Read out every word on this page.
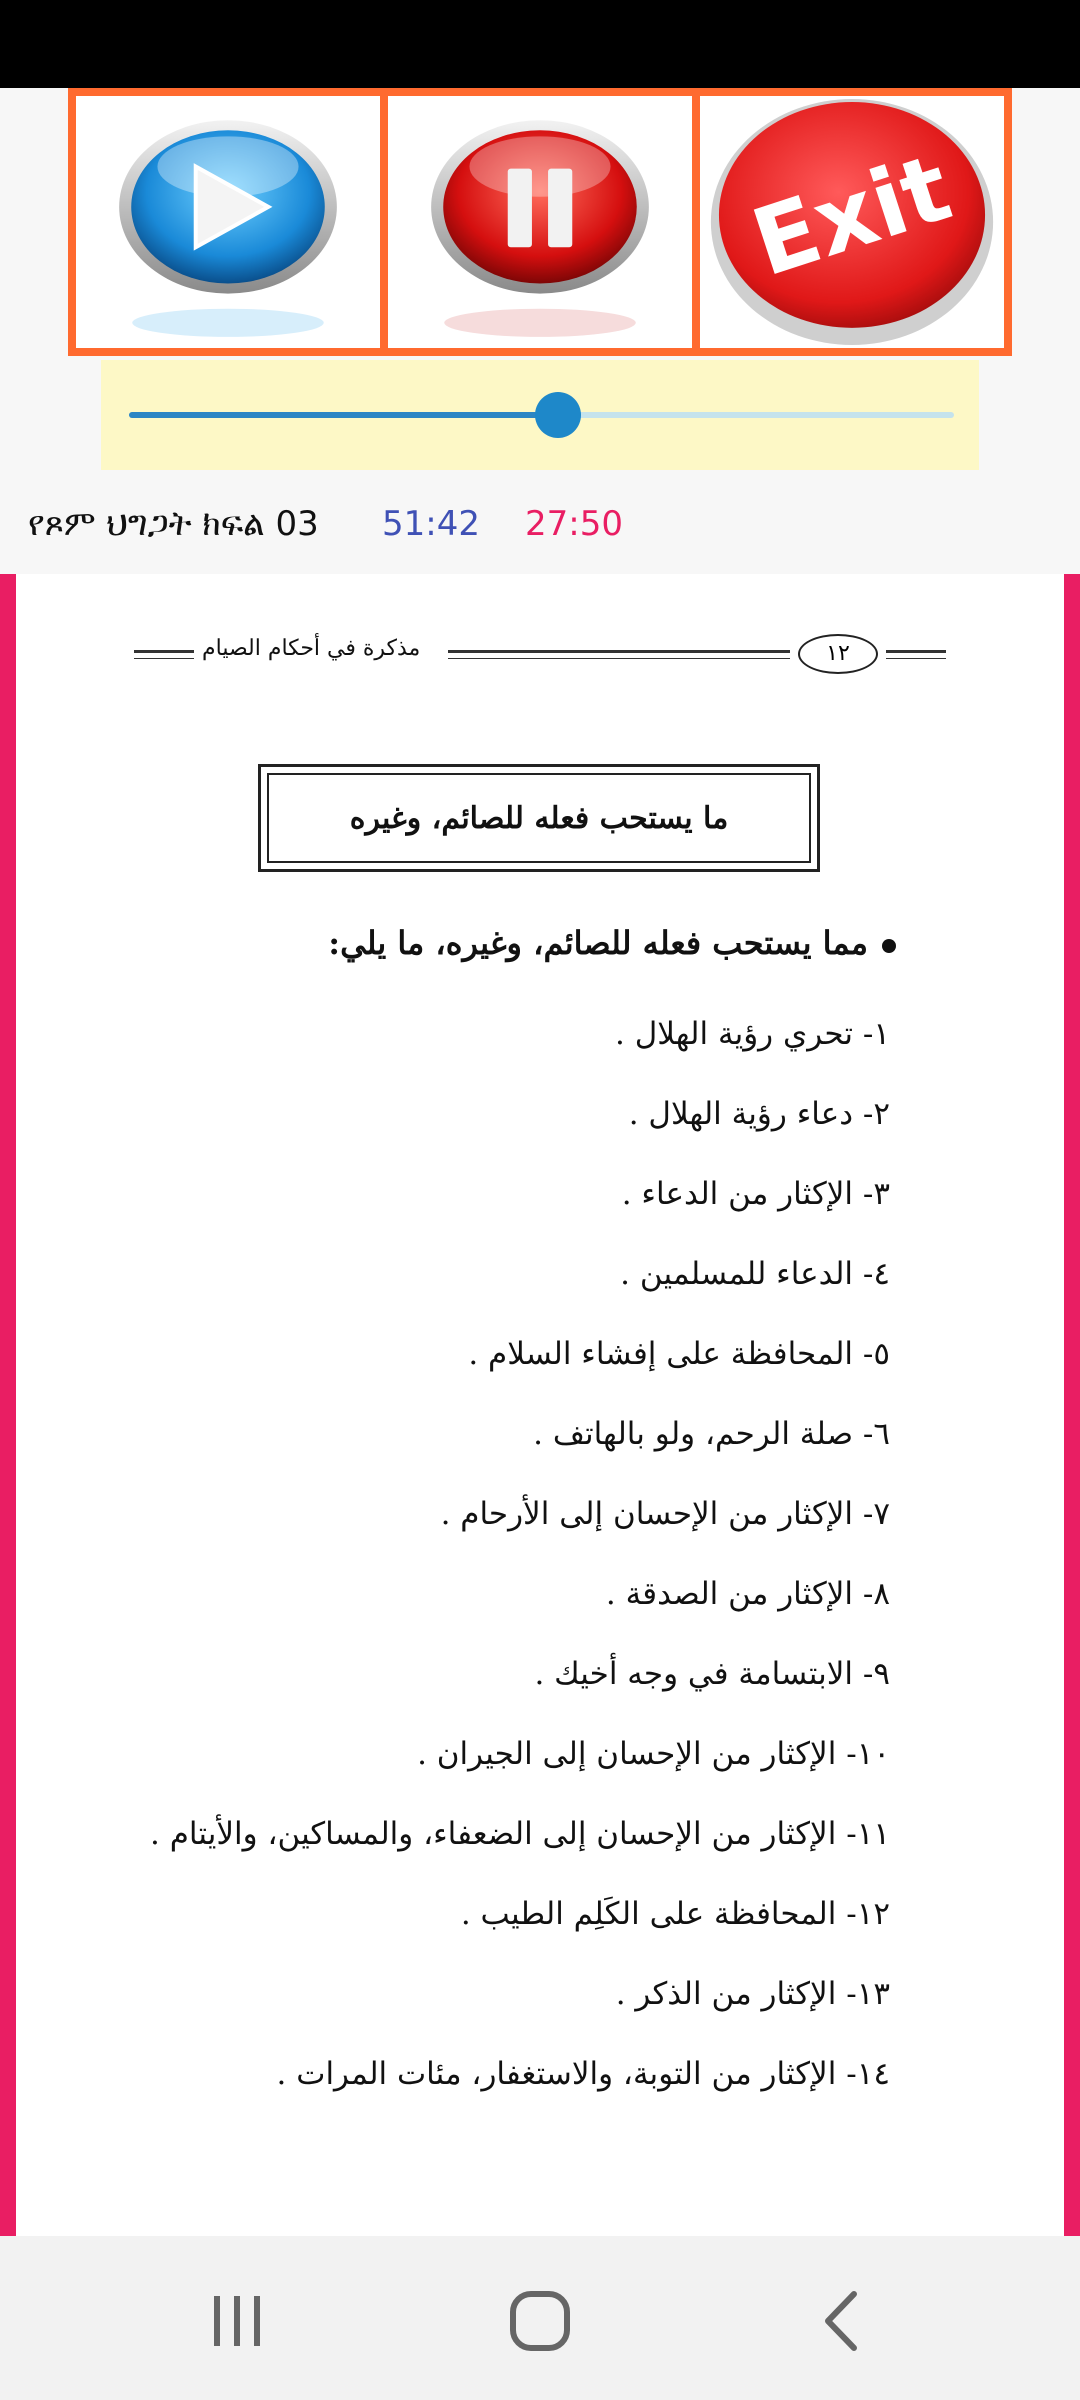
Exit
የጾም ህግጋት ክፍል 03 51:42 27:50
مذكرة في أحكام الصيام	١٢
ما يستحب فعله للصائم، وغيره
مما يستحب فعله للصائم، وغيره، ما يلي:
١- تحري رؤية الهلال .
٢- دعاء رؤية الهلال .
٣- الإكثار من الدعاء .
٤- الدعاء للمسلمين .
٥- المحافظة على إفشاء السلام .
٦- صلة الرحم، ولو بالهاتف .
٧- الإكثار من الإحسان إلى الأرحام .
٨- الإكثار من الصدقة .
٩- الابتسامة في وجه أخيك .
١٠- الإكثار من الإحسان إلى الجيران .
١١- الإكثار من الإحسان إلى الضعفاء، والمساكين، والأيتام .
١٢- المحافظة على الكَلِم الطيب .
١٣- الإكثار من الذكر .
١٤- الإكثار من التوبة، والاستغفار، مئات المرات .
